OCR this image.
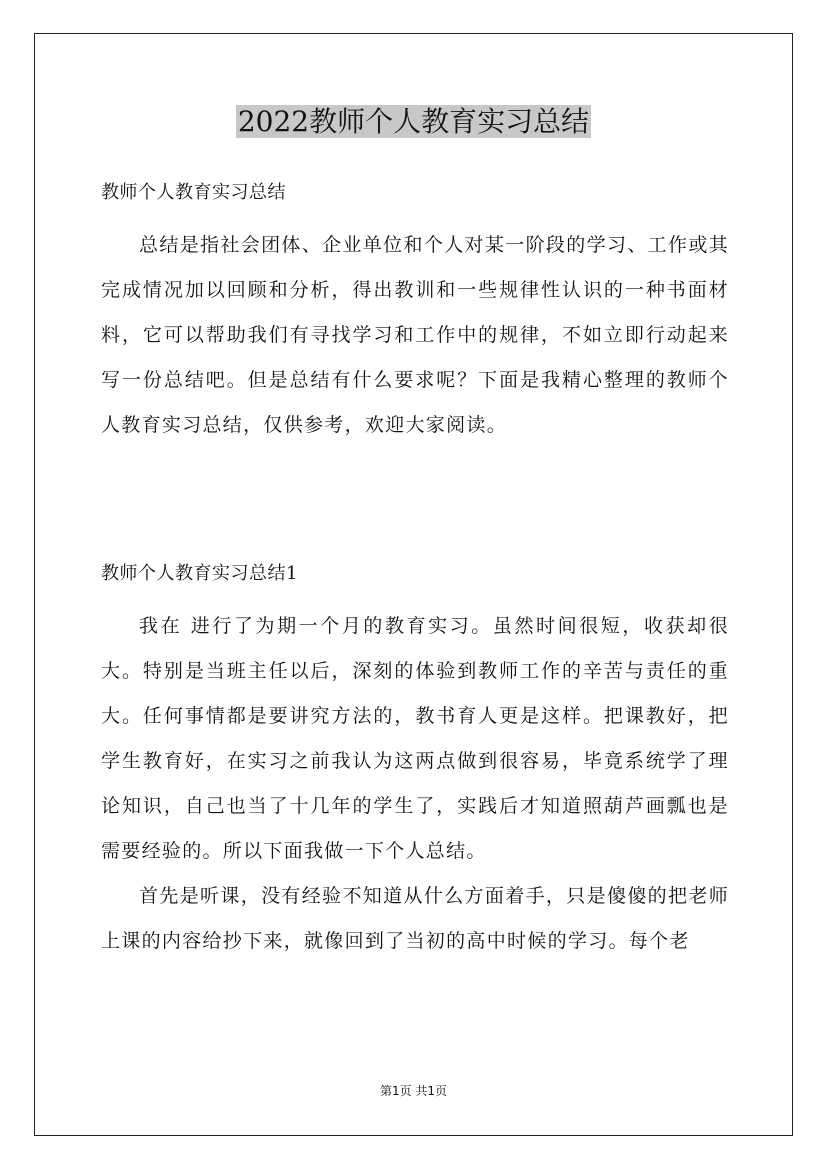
2022教师个人教育实习总结
教师个人教育实习总结

总结是指社会团体、企业单位和个人对某一阶段的学习、工作或其完成情况加以回顾和分析，得出教训和一些规律性认识的一种书面材料，它可以帮助我们有寻找学习和工作中的规律，不如立即行动起来写一份总结吧。但是总结有什么要求呢？下面是我精心整理的教师个人教育实习总结，仅供参考，欢迎大家阅读。

教师个人教育实习总结1

我在 进行了为期一个月的教育实习。虽然时间很短，收获却很大。特别是当班主任以后，深刻的体验到教师工作的辛苦与责任的重大。任何事情都是要讲究方法的，教书育人更是这样。把课教好，把学生教育好，在实习之前我认为这两点做到很容易，毕竟系统学了理论知识，自己也当了十几年的学生了，实践后才知道照葫芦画瓢也是需要经验的。所以下面我做一下个人总结。

首先是听课，没有经验不知道从什么方面着手，只是傻傻的把老师上课的内容给抄下来，就像回到了当初的高中时候的学习。每个老

第1页 共1页
